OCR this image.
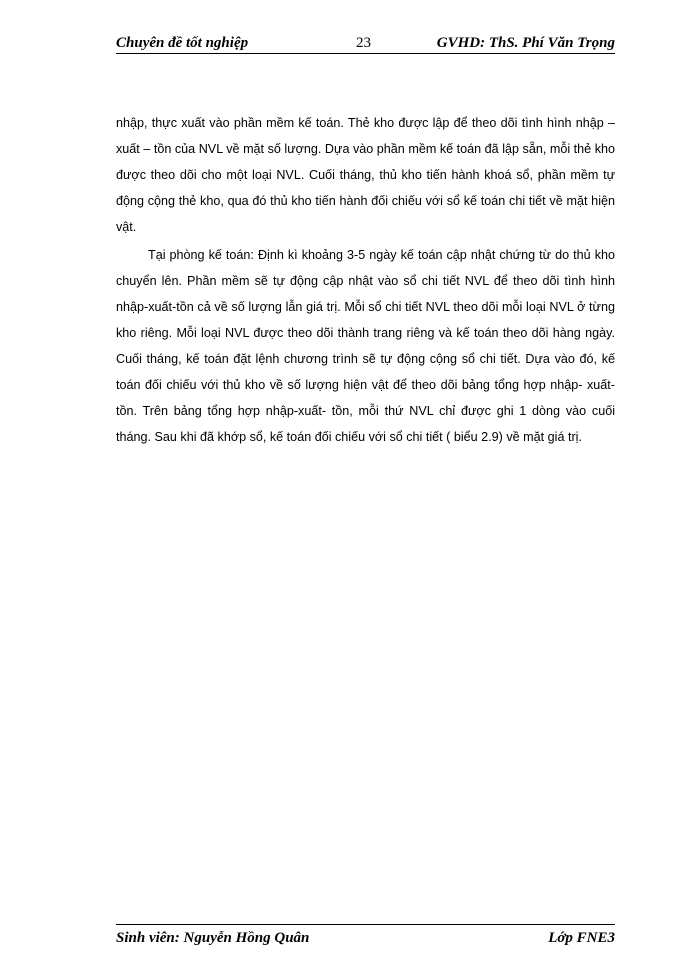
Chuyên đề tốt nghiệp	23	GVHD: ThS. Phí Văn Trọng

nhập, thực xuất vào phần mềm kế toán. Thẻ kho được lập để theo dõi tình hình nhập – xuất – tồn của NVL về mặt số lượng. Dựa vào phần mềm kế toán đã lập sẵn, mỗi thẻ kho được theo dõi cho một loại NVL. Cuối tháng, thủ kho tiến hành khoá sổ, phần mềm tự động cộng thẻ kho, qua đó thủ kho tiến hành đối chiếu với sổ kế toán chi tiết về mặt hiện vật.

Tại phòng kế toán: Định kì khoảng 3-5 ngày kế toán cập nhật chứng từ do thủ kho chuyển lên. Phần mềm sẽ tự động cập nhật vào sổ chi tiết NVL để theo dõi tình hình nhập-xuất-tồn cả về số lượng lẫn giá trị. Mỗi sổ chi tiết NVL theo dõi mỗi loại NVL ở từng kho riêng. Mỗi loại NVL được theo dõi thành trang riêng và kế toán theo dõi hàng ngày. Cuối tháng, kế toán đặt lệnh chương trình sẽ tự động cộng sổ chi tiết. Dựa vào đó, kế toán đối chiếu với thủ kho về số lượng hiện vật để theo dõi bảng tổng hợp nhập- xuất- tồn. Trên bảng tổng hợp nhập-xuất- tồn, mỗi thứ NVL chỉ được ghi 1 dòng vào cuối tháng. Sau khi đã khớp sổ, kế toán đối chiếu với sổ chi tiết ( biểu 2.9) về mặt giá trị.

Sinh viên: Nguyễn Hồng Quân	Lớp FNE3
